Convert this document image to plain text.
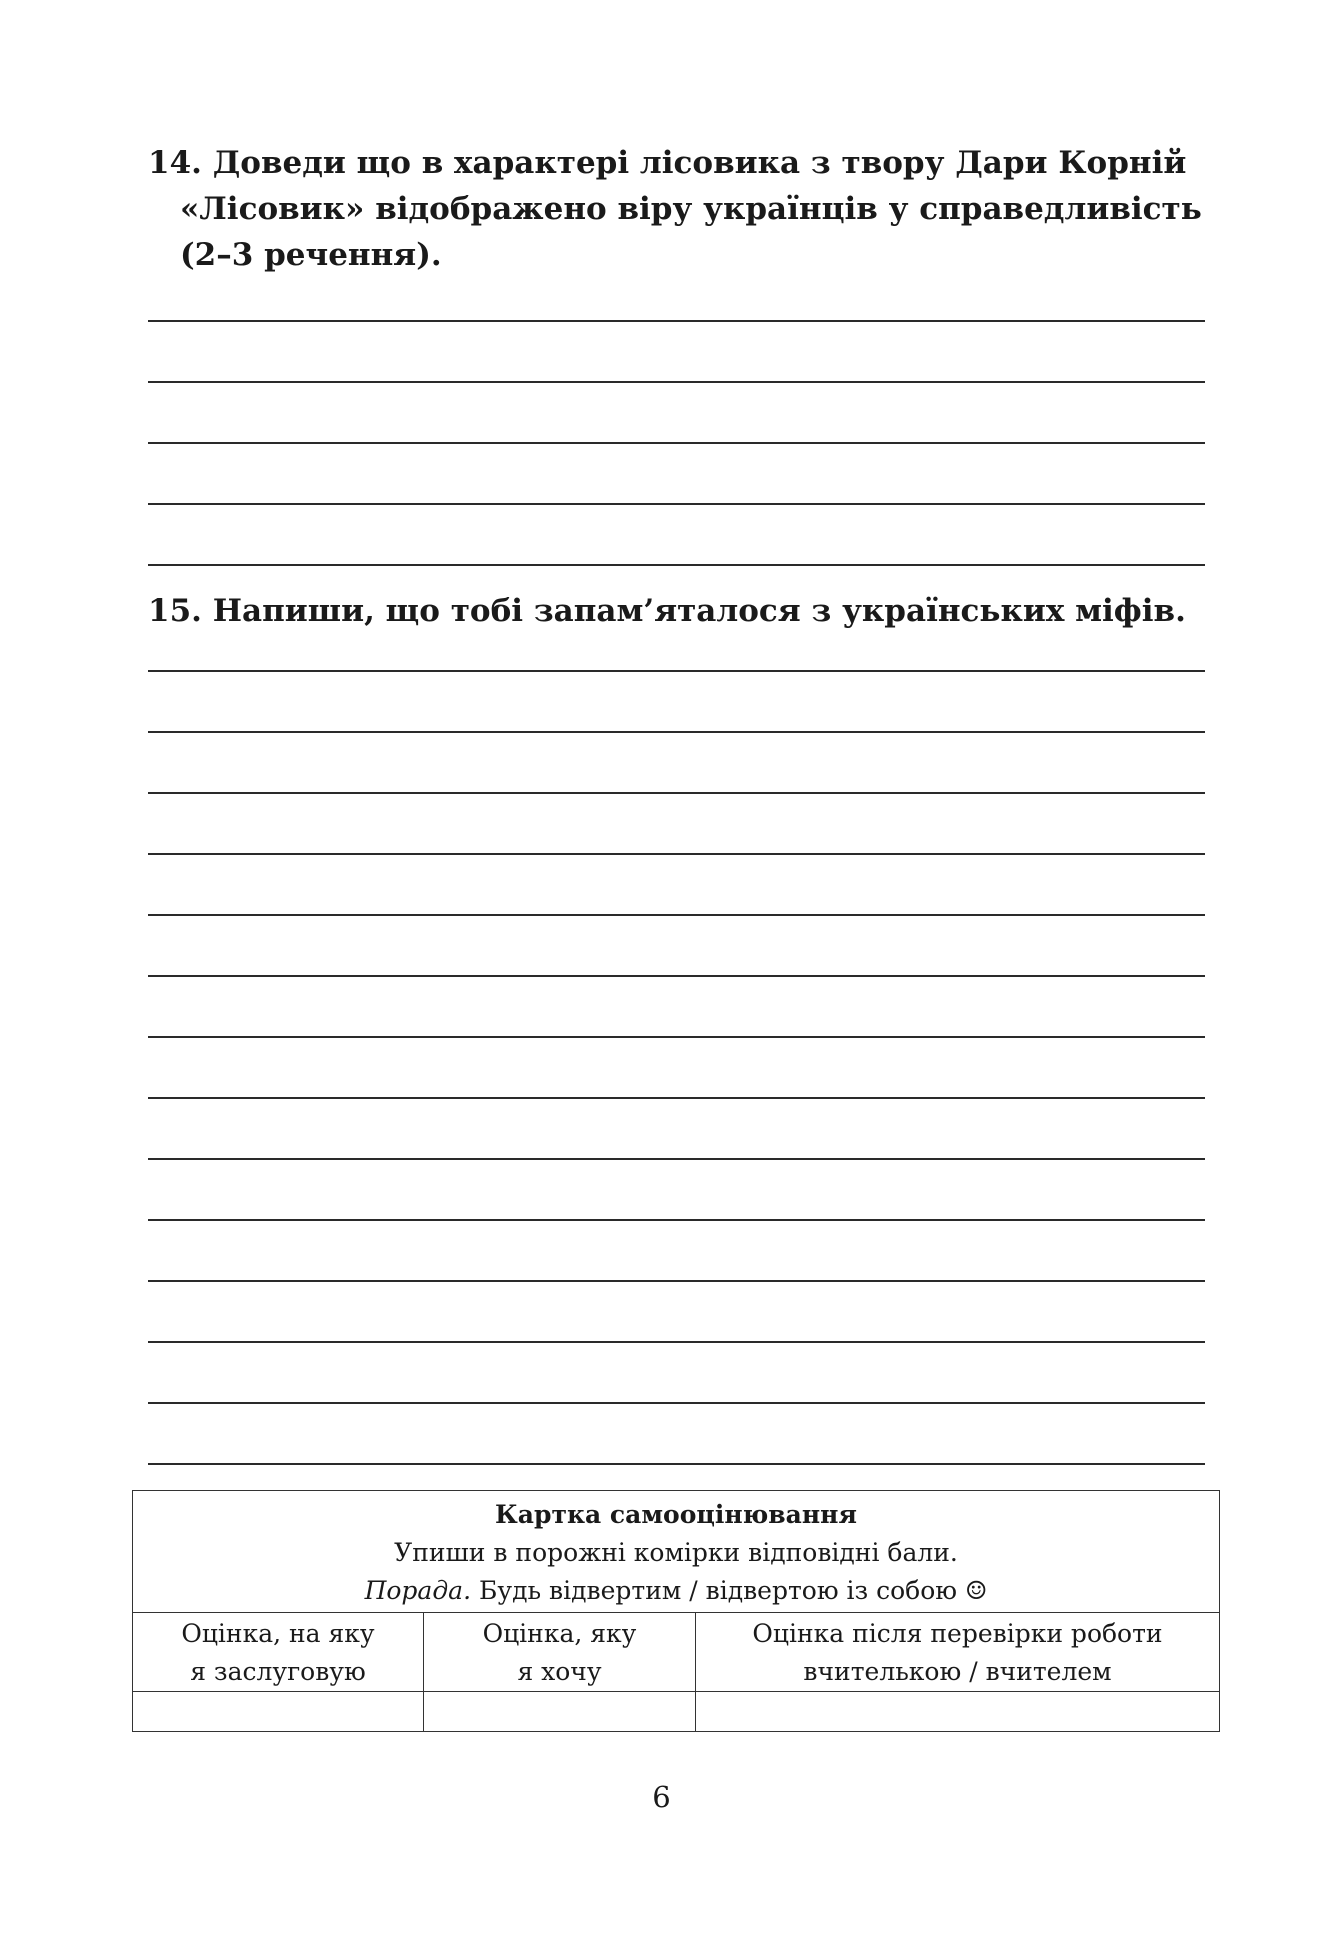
14. Доведи що в характері лісовика з твору Дари Корній
«Лісовик» відображено віру українців у справедливість
(2–3 речення).
15. Напиши, що тобі запам’яталося з українських міфів.
Картка самооцінювання
Упиши в порожні комірки відповідні бали.
Порада. Будь відвертим / відвертою із собою ☺
Оцінка, на яку
я заслуговую
Оцінка, яку
я хочу
Оцінка після перевірки роботи
вчителькою / вчителем
6
